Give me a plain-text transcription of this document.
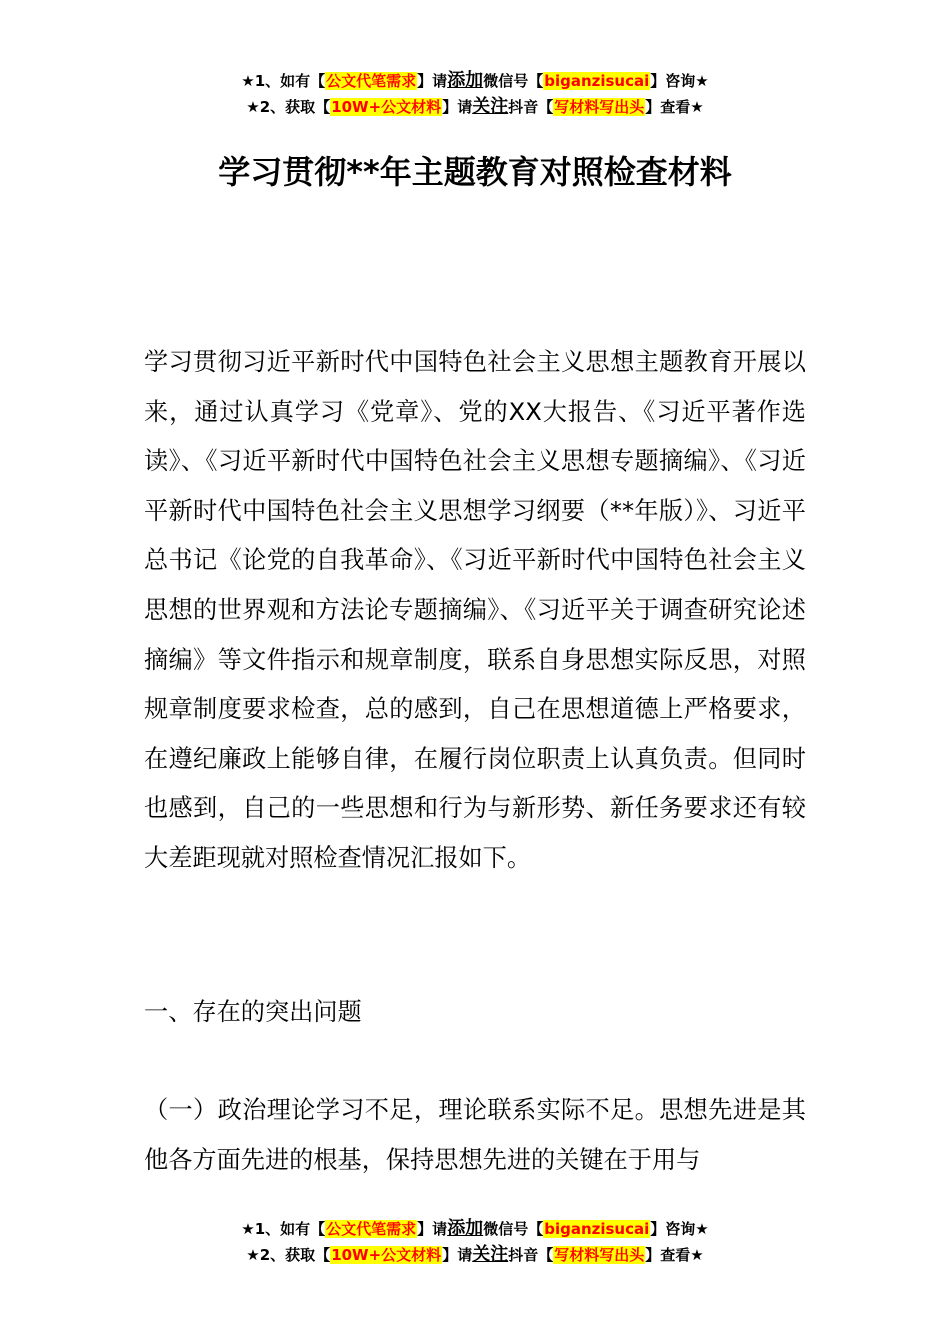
★1、如有【公文代笔需求】请添加微信号【biganzisucai】咨询★
★2、获取【10W+公文材料】请关注抖音【写材料写出头】查看★
学习贯彻**年主题教育对照检查材料
学习贯彻习近平新时代中国特色社会主义思想主题教育开展以来，通过认真学习《党章》、党的XX大报告、《习近平著作选读》、《习近平新时代中国特色社会主义思想专题摘编》、《习近平新时代中国特色社会主义思想学习纲要（**年版）》、习近平总书记《论党的自我革命》、《习近平新时代中国特色社会主义思想的世界观和方法论专题摘编》、《习近平关于调查研究论述摘编》等文件指示和规章制度，联系自身思想实际反思，对照规章制度要求检查，总的感到，自己在思想道德上严格要求，在遵纪廉政上能够自律，在履行岗位职责上认真负责。但同时也感到，自己的一些思想和行为与新形势、新任务要求还有较大差距现就对照检查情况汇报如下。
一、存在的突出问题
（一）政治理论学习不足，理论联系实际不足。思想先进是其他各方面先进的根基，保持思想先进的关键在于用与
★1、如有【公文代笔需求】请添加微信号【biganzisucai】咨询★
★2、获取【10W+公文材料】请关注抖音【写材料写出头】查看★
